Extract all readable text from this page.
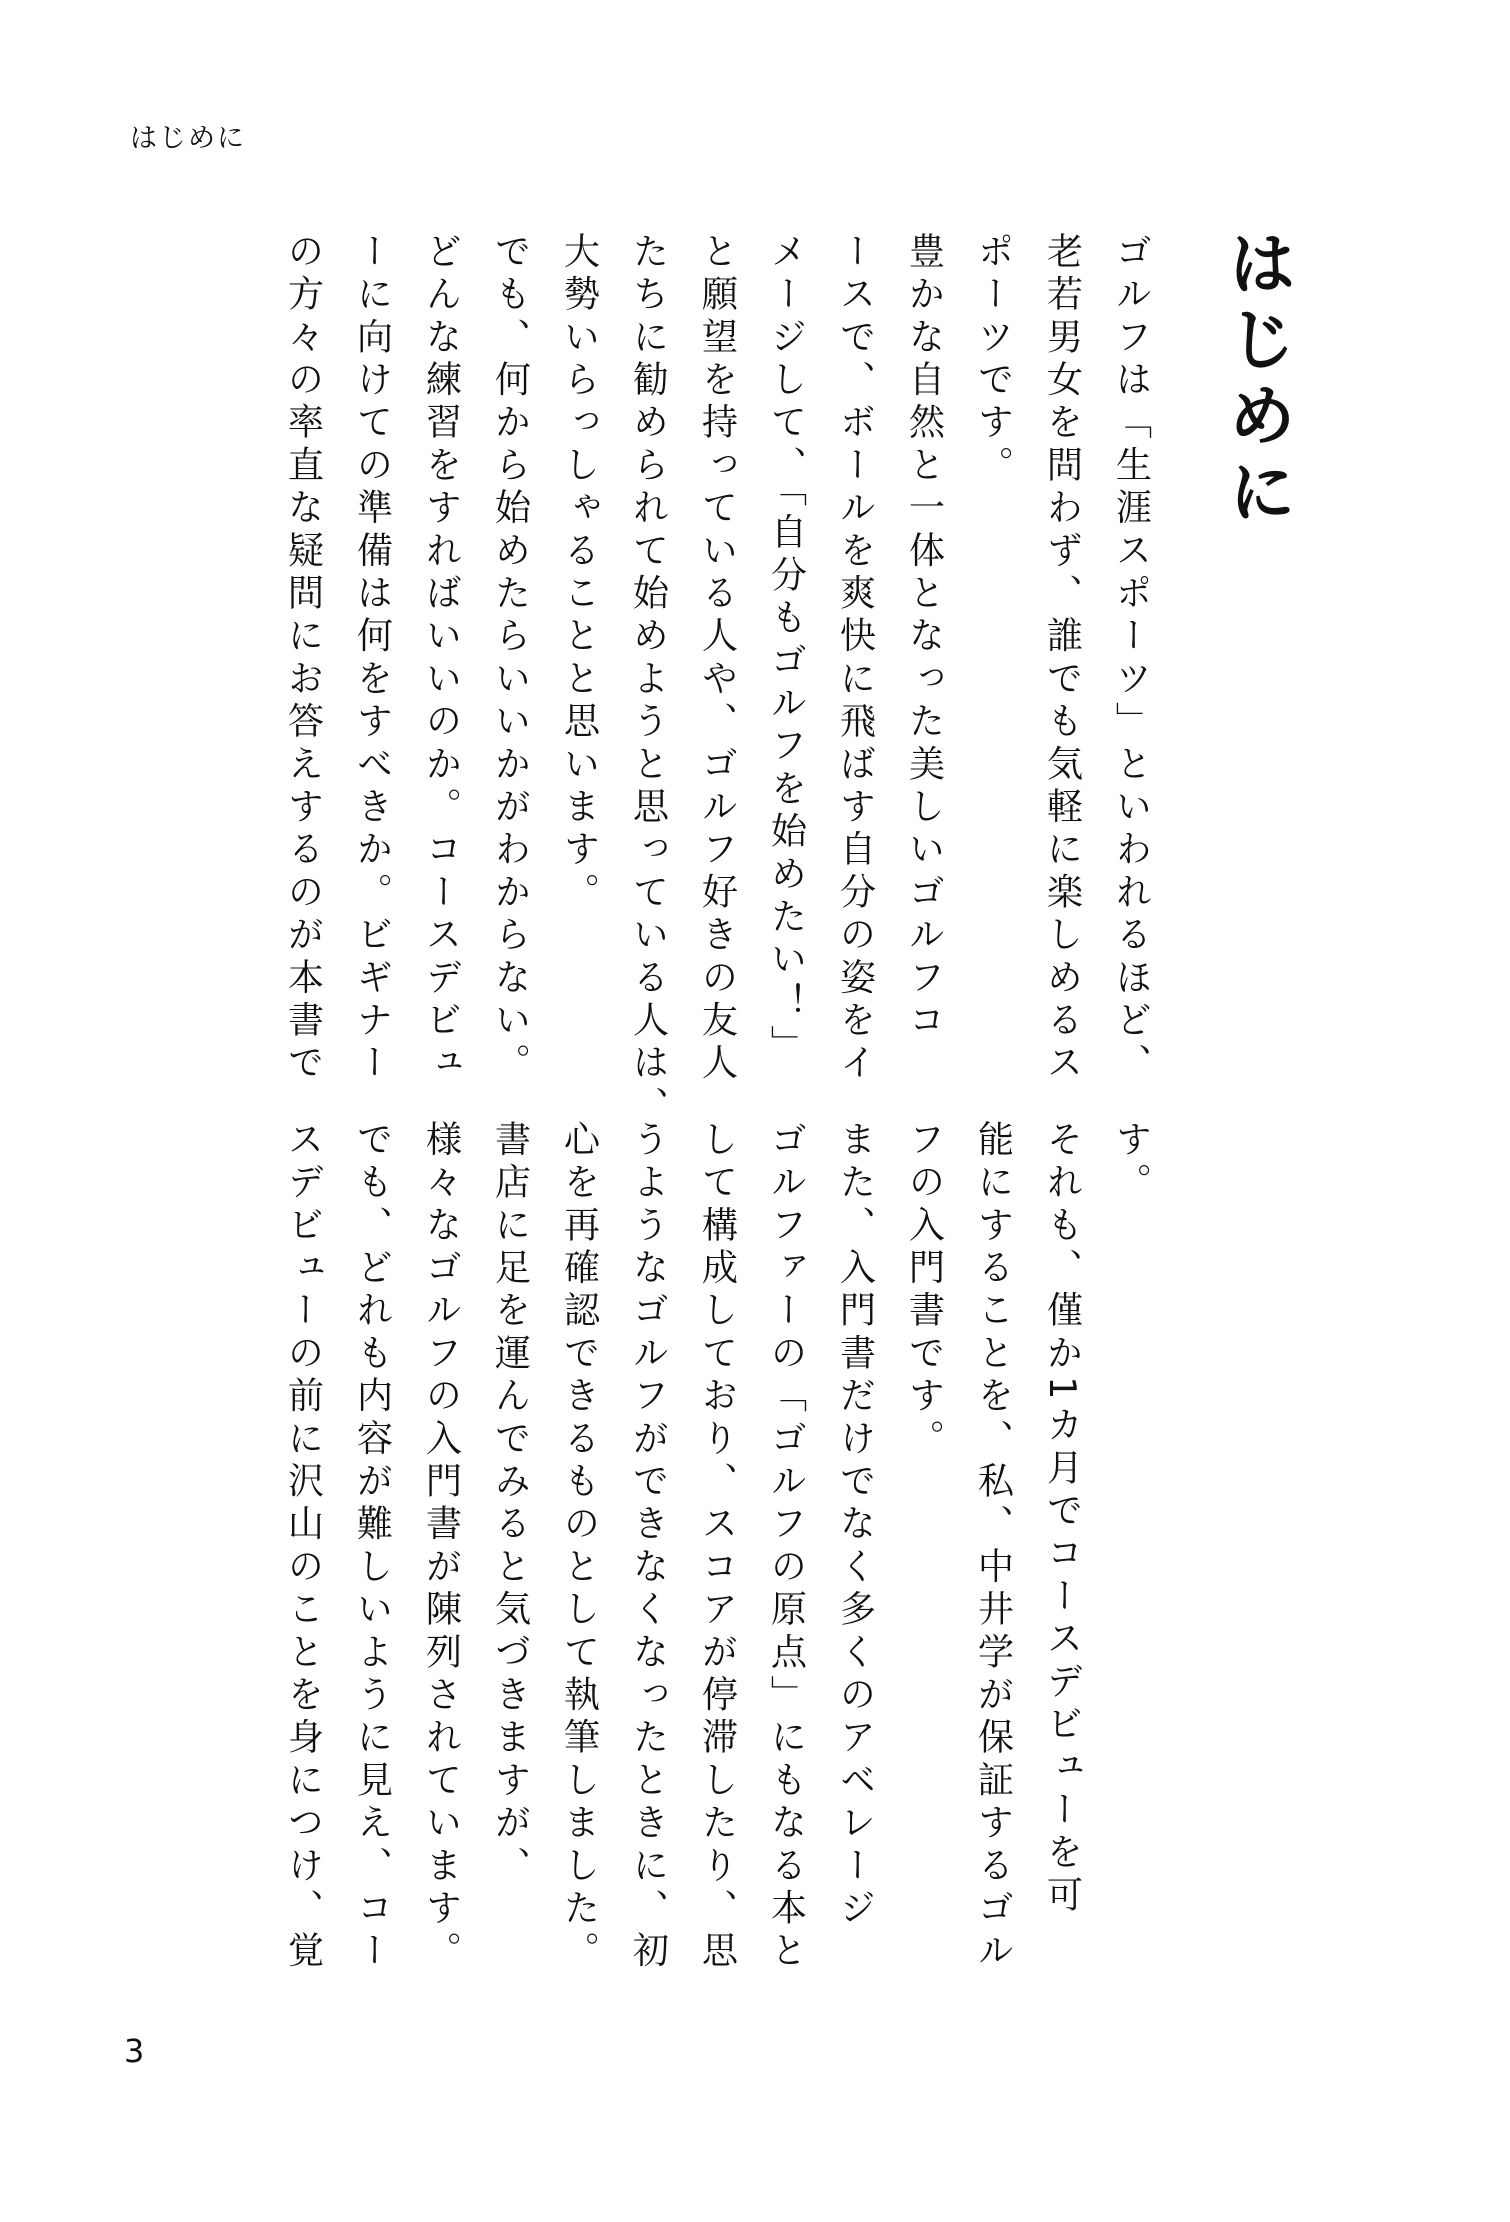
はじめに
はじめに
ゴルフは「生涯スポーツ」といわれるほど、
老若男女を問わず、誰でも気軽に楽しめるス
ポーツです。
豊かな自然と一体となった美しいゴルフコ
ースで、ボールを爽快に飛ばす自分の姿をイ
メージして、「自分もゴルフを始めたい！」
と願望を持っている人や、ゴルフ好きの友人
たちに勧められて始めようと思っている人は、
大勢いらっしゃることと思います。
でも、何から始めたらいいかがわからない。
どんな練習をすればいいのか。コースデビュ
ーに向けての準備は何をすべきか。ビギナー
の方々の率直な疑問にお答えするのが本書で
す。
それも、僅か1カ月でコースデビューを可
能にすることを、私、中井学が保証するゴル
フの入門書です。
また、入門書だけでなく多くのアベレージ
ゴルファーの「ゴルフの原点」にもなる本と
して構成しており、スコアが停滞したり、思
うようなゴルフができなくなったときに、初
心を再確認できるものとして執筆しました。
書店に足を運んでみると気づきますが、
様々なゴルフの入門書が陳列されています。
でも、どれも内容が難しいように見え、コー
スデビューの前に沢山のことを身につけ、覚
3
